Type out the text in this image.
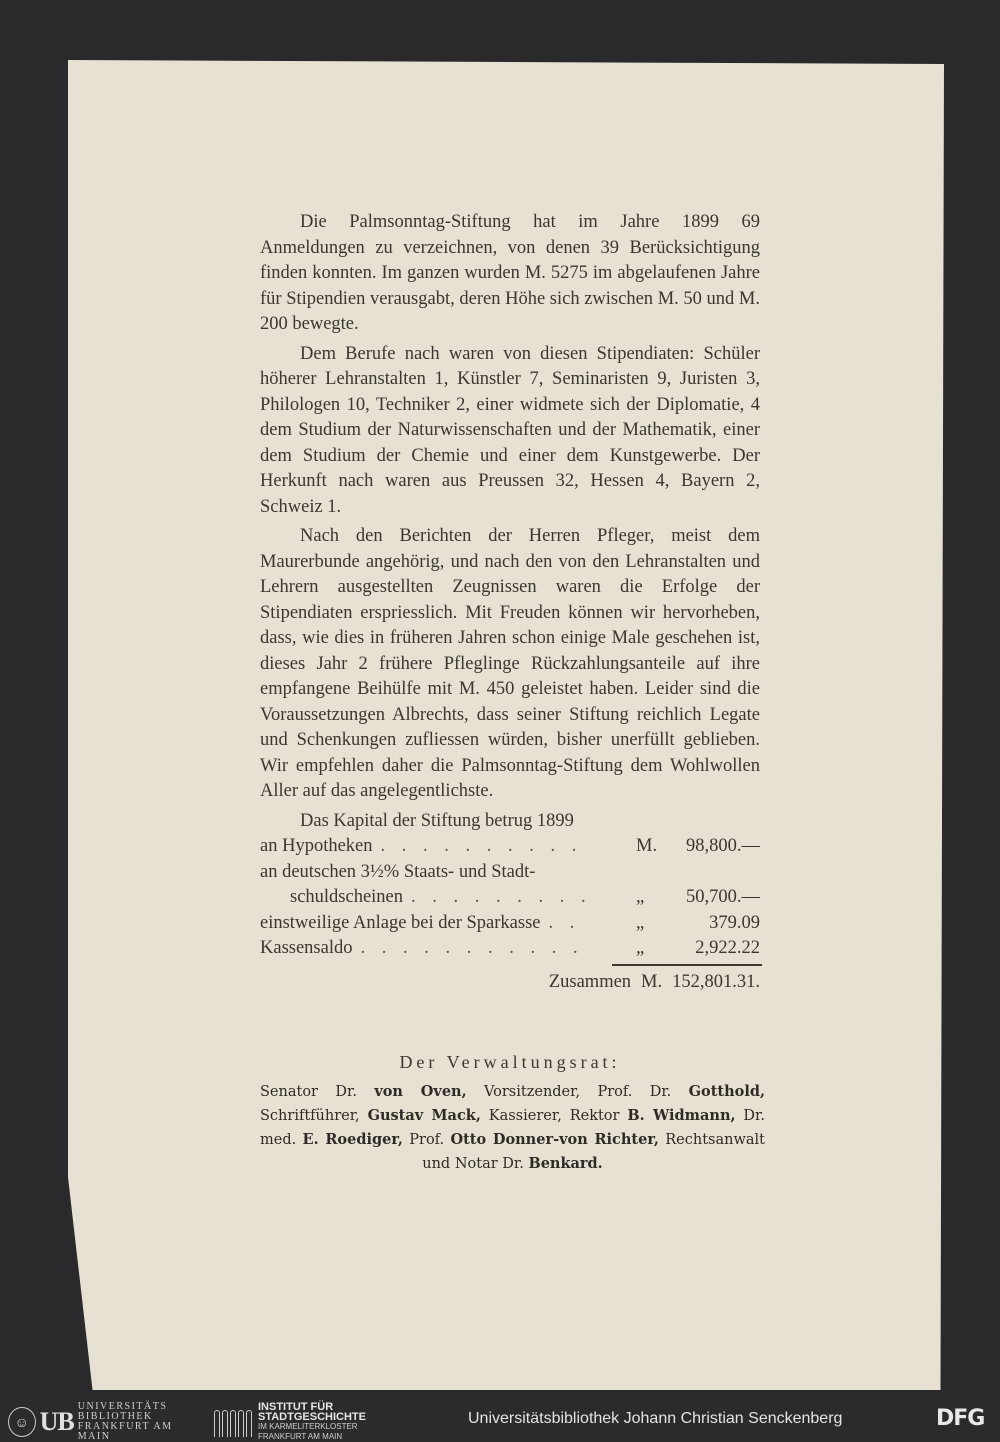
Die Palmsonntag-Stiftung hat im Jahre 1899 69 Anmeldungen zu verzeichnen, von denen 39 Berücksichtigung finden konnten. Im ganzen wurden M. 5275 im abgelaufenen Jahre für Stipendien verausgabt, deren Höhe sich zwischen M. 50 und M. 200 bewegte.

Dem Berufe nach waren von diesen Stipendiaten: Schüler höherer Lehranstalten 1, Künstler 7, Seminaristen 9, Juristen 3, Philologen 10, Techniker 2, einer widmete sich der Diplomatie, 4 dem Studium der Naturwissenschaften und der Mathematik, einer dem Studium der Chemie und einer dem Kunstgewerbe. Der Herkunft nach waren aus Preussen 32, Hessen 4, Bayern 2, Schweiz 1.

Nach den Berichten der Herren Pfleger, meist dem Maurerbunde angehörig, und nach den von den Lehranstalten und Lehrern ausgestellten Zeugnissen waren die Erfolge der Stipendiaten erspriesslich. Mit Freuden können wir hervorheben, dass, wie dies in früheren Jahren schon einige Male geschehen ist, dieses Jahr 2 frühere Pfleglinge Rückzahlungsanteile auf ihre empfangene Beihülfe mit M. 450 geleistet haben. Leider sind die Voraussetzungen Albrechts, dass seiner Stiftung reichlich Legate und Schenkungen zufliessen würden, bisher unerfüllt geblieben. Wir empfehlen daher die Palmsonntag-Stiftung dem Wohlwollen Aller auf das angelegentlichste.

Das Kapital der Stiftung betrug 1899
an Hypotheken . . . . . . . . . .	M.	98,800.—
an deutschen 3½% Staats- und Stadt-
schuldscheinen . . . . . . . . .	„	50,700.—
einstweilige Anlage bei der Sparkasse . .	„	379.09
Kassensaldo . . . . . . . . . . .	„	2,922.22
Zusammen M. 152,801.31.
Der Verwaltungsrat:
Senator Dr. von Oven, Vorsitzender, Prof. Dr. Gotthold, Schriftführer, Gustav Mack, Kassierer, Rektor B. Widmann, Dr. med. E. Roediger, Prof. Otto Donner-von Richter, Rechtsanwalt und Notar Dr. Benkard.
☺ UB
UNIVERSITÄTS
BIBLIOTHEK
FRANKFURT AM MAIN
INSTITUT FÜR
STADTGESCHICHTE
IM KARMELITERKLOSTER
FRANKFURT AM MAIN
Universitätsbibliothek Johann Christian Senckenberg	DFG
